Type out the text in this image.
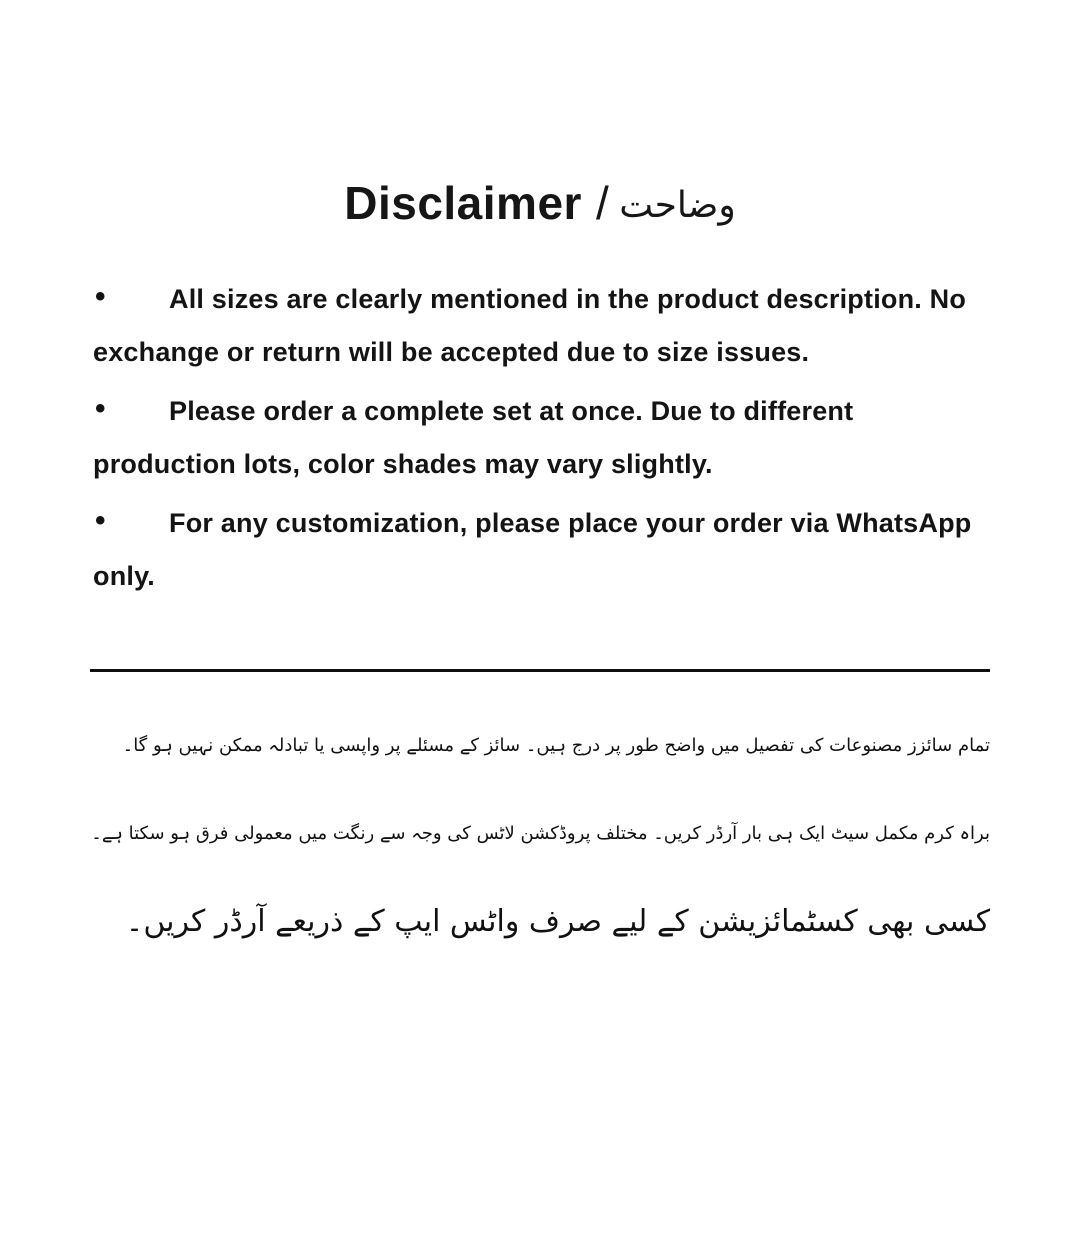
Disclaimer / وضاحت

• All sizes are clearly mentioned in the product description. No exchange or return will be accepted due to size issues.

• Please order a complete set at once. Due to different production lots, color shades may vary slightly.

• For any customization, please place your order via WhatsApp only.

تمام سائزز مصنوعات کی تفصیل میں واضح طور پر درج ہیں۔ سائز کے مسئلے پر واپسی یا تبادلہ ممکن نہیں ہو گا۔

براہ کرم مکمل سیٹ ایک ہی بار آرڈر کریں۔ مختلف پروڈکشن لاٹس کی وجہ سے رنگت میں معمولی فرق ہو سکتا ہے۔

کسی بھی کسٹمائزیشن کے لیے صرف واٹس ایپ کے ذریعے آرڈر کریں۔
